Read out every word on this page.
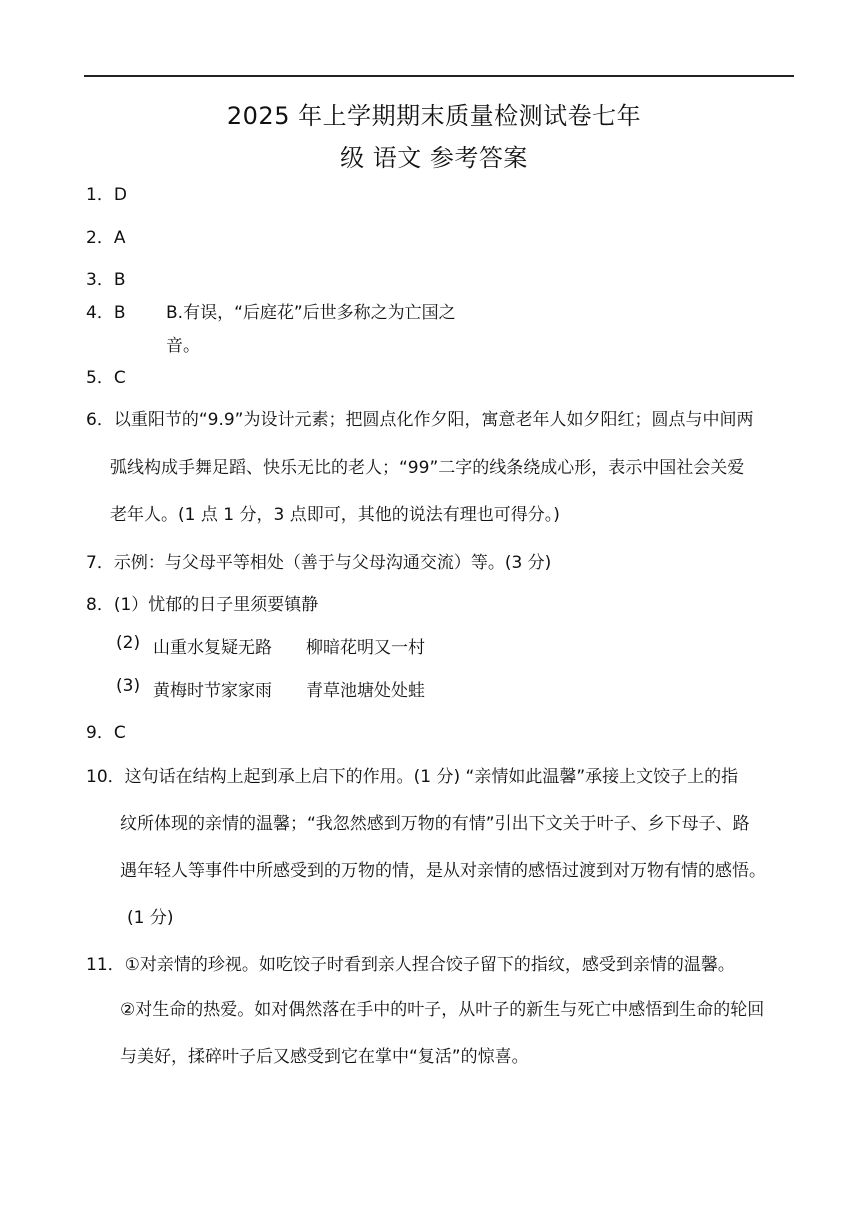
2025 年上学期期末质量检测试卷七年
级 语文 参考答案
1．D
2．A
3．B
4．B B.有误，“后庭花”后世多称之为亡国之
音。
5．C
6．以重阳节的“9.9”为设计元素；把圆点化作夕阳，寓意老年人如夕阳红；圆点与中间两
弧线构成手舞足蹈、快乐无比的老人；“99”二字的线条绕成心形，表示中国社会关爱
老年人。(1 点 1 分，3 点即可，其他的说法有理也可得分。)
7．示例：与父母平等相处（善于与父母沟通交流）等。(3 分)
8．(1）忧郁的日子里须要镇静
(2) 山重水复疑无路 柳暗花明又一村
(3) 黄梅时节家家雨 青草池塘处处蛙
9．C
10．这句话在结构上起到承上启下的作用。(1 分) “亲情如此温馨”承接上文饺子上的指
纹所体现的亲情的温馨；“我忽然感到万物的有情”引出下文关于叶子、乡下母子、路
遇年轻人等事件中所感受到的万物的情，是从对亲情的感悟过渡到对万物有情的感悟。
(1 分)
11．①对亲情的珍视。如吃饺子时看到亲人捏合饺子留下的指纹，感受到亲情的温馨。
②对生命的热爱。如对偶然落在手中的叶子，从叶子的新生与死亡中感悟到生命的轮回
与美好，揉碎叶子后又感受到它在掌中“复活”的惊喜。
